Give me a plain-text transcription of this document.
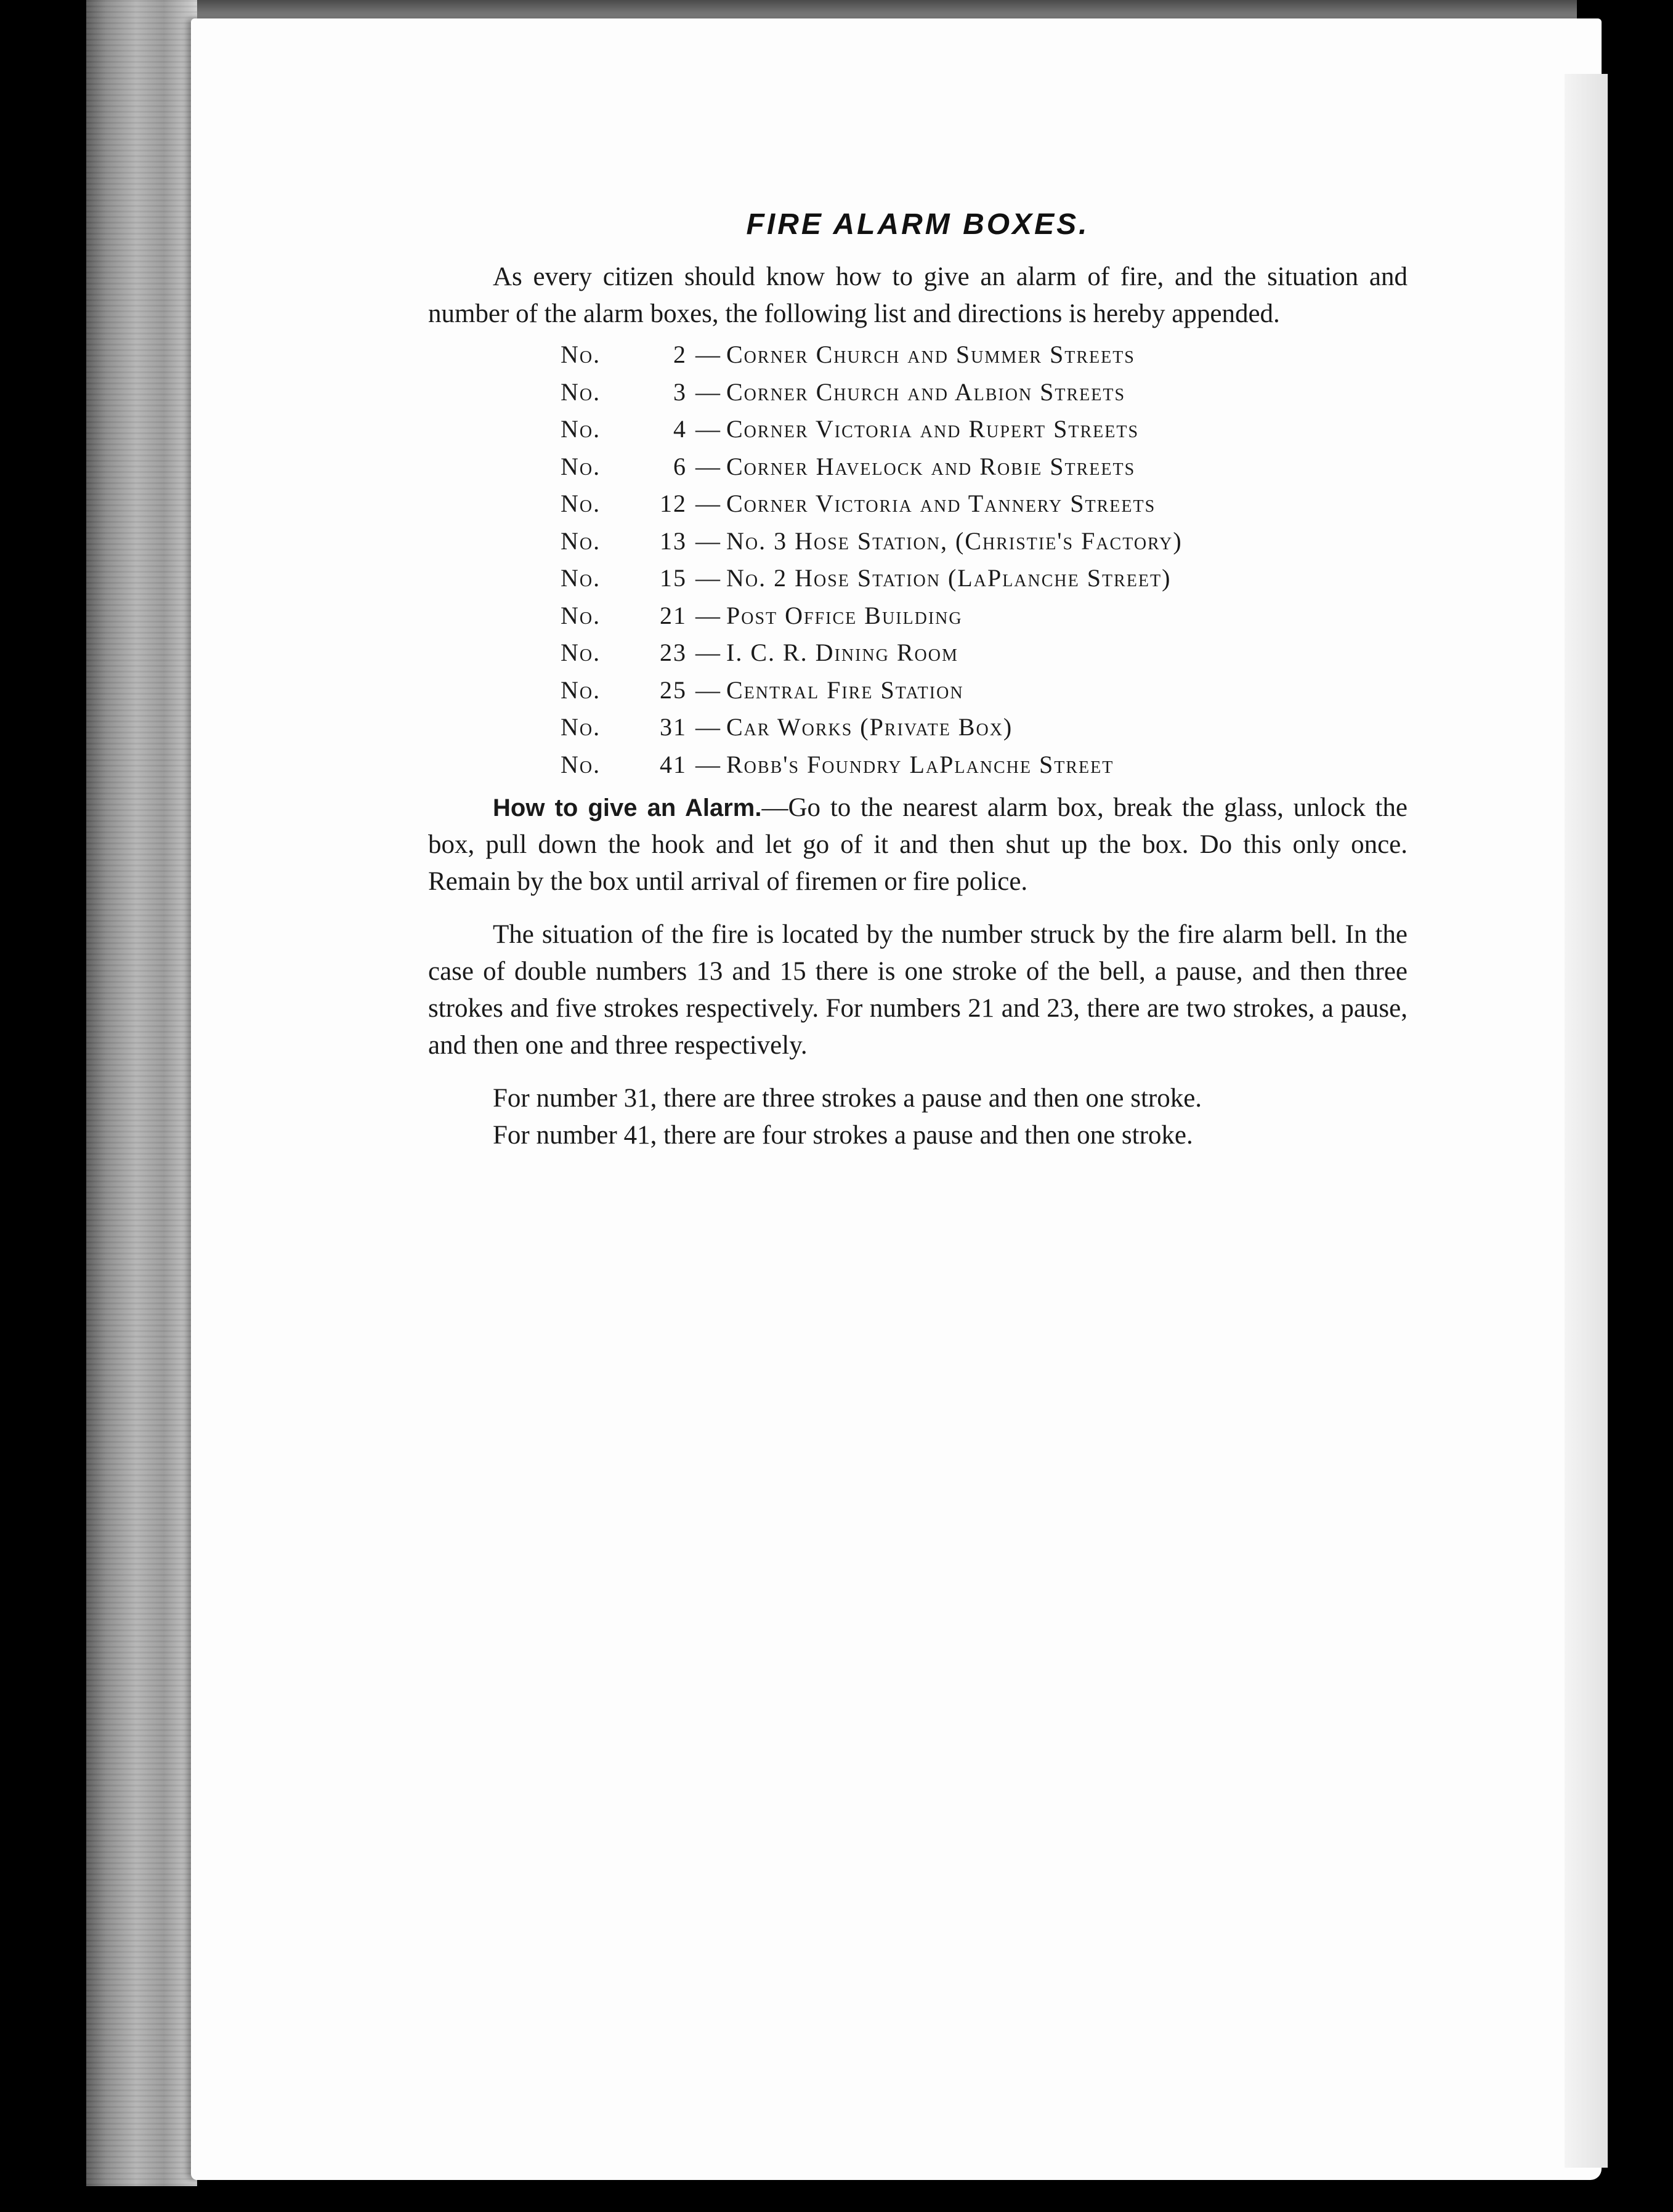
FIRE ALARM BOXES.

As every citizen should know how to give an alarm of fire, and the situation and number of the alarm boxes, the following list and directions is hereby appended.

No.	2 — Corner Church and Summer Streets
No.	3 — Corner Church and Albion Streets
No.	4 — Corner Victoria and Rupert Streets
No.	6 — Corner Havelock and Robie Streets
No. 12 — Corner Victoria and Tannery Streets
No. 13 — No. 3 Hose Station, (Christie's Factory)
No. 15 — No. 2 Hose Station (LaPlanche Street)
No. 21 — Post Office Building
No. 23 — I. C. R. Dining Room
No. 25 — Central Fire Station
No. 31 — Car Works (Private Box)
No. 41 — Robb's Foundry LaPlanche Street

How to give an Alarm.—Go to the nearest alarm box, break the glass, unlock the box, pull down the hook and let go of it and then shut up the box. Do this only once. Remain by the box until arrival of firemen or fire police.

The situation of the fire is located by the number struck by the fire alarm bell. In the case of double numbers 13 and 15 there is one stroke of the bell, a pause, and then three strokes and five strokes respectively. For numbers 21 and 23, there are two strokes, a pause, and then one and three respectively.

For number 31, there are three strokes a pause and then one stroke.

For number 41, there are four strokes a pause and then one stroke.
